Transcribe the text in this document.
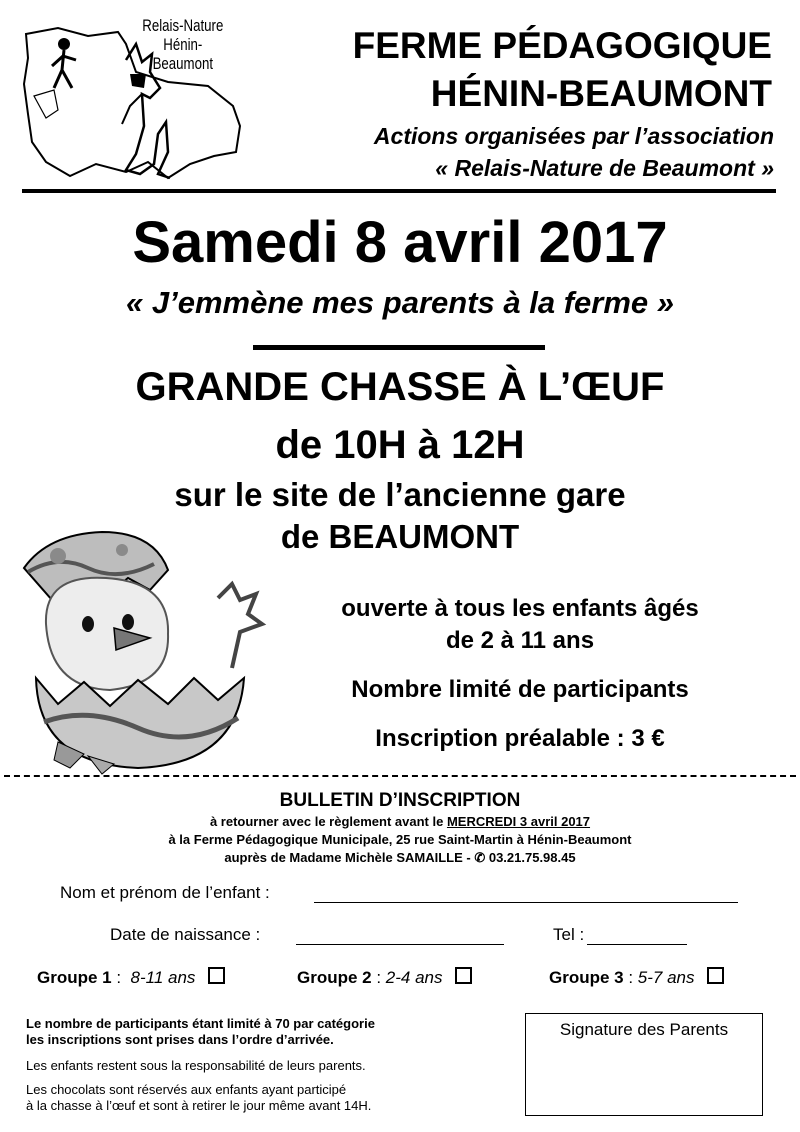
Relais-Nature
Hénin-Beaumont	FERME PÉDAGOGIQUE
HÉNIN-BEAUMONT
Actions organisées par l’association
« Relais-Nature de Beaumont »
Samedi 8 avril 2017
« J’emmène mes parents à la ferme »
GRANDE CHASSE À L’ŒUF
de 10H à 12H
sur le site de l’ancienne gare
de BEAUMONT
ouverte à tous les enfants âgés
de 2 à 11 ans
Nombre limité de participants
Inscription préalable : 3 €
BULLETIN D’INSCRIPTION
à retourner avec le règlement avant le MERCREDI 3 avril 2017
à la Ferme Pédagogique Municipale, 25 rue Saint-Martin à Hénin-Beaumont
auprès de Madame Michèle SAMAILLE - ✆ 03.21.75.98.45
Nom et prénom de l’enfant :
Date de naissance :	Tel :
Groupe 1 :  8-11 ans	Groupe 2 : 2-4 ans	Groupe 3 : 5-7 ans
Le nombre de participants étant limité à 70 par catégorie
les inscriptions sont prises dans l’ordre d’arrivée.
Les enfants restent sous la responsabilité de leurs parents.
Les chocolats sont réservés aux enfants ayant participé
à la chasse à l’œuf et sont à retirer le jour même avant 14H.
Signature des Parents
